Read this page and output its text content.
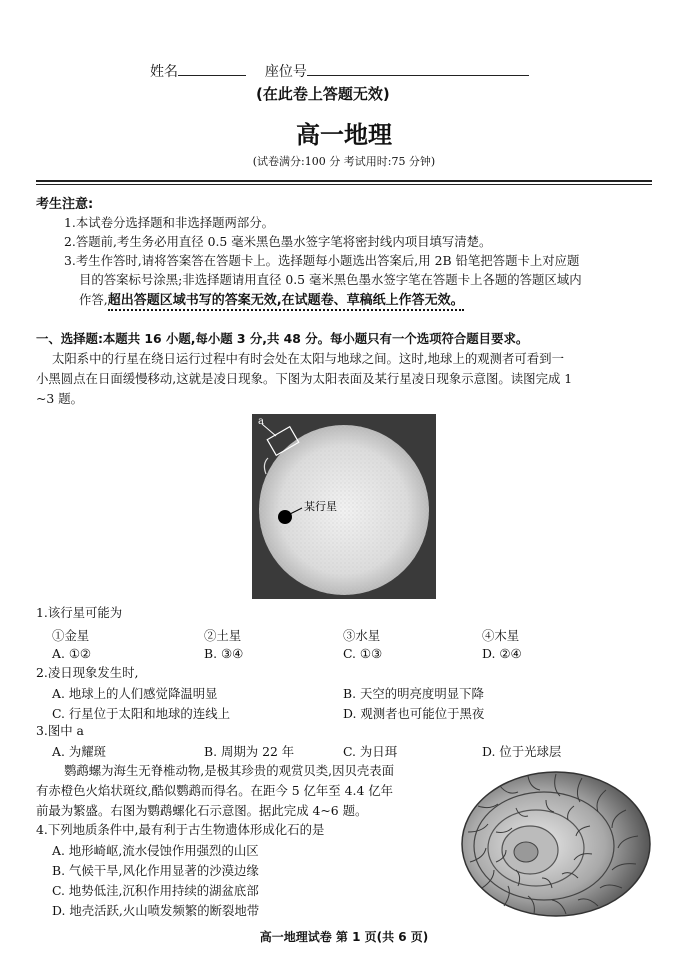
姓名	座位号
(在此卷上答题无效)
高一地理
(试卷满分:100 分 考试用时:75 分钟)
考生注意:
1.本试卷分选择题和非选择题两部分。
2.答题前,考生务必用直径 0.5 毫米黑色墨水签字笔将密封线内项目填写清楚。
3.考生作答时,请将答案答在答题卡上。选择题每小题选出答案后,用 2B 铅笔把答题卡上对应题
目的答案标号涂黑;非选择题请用直径 0.5 毫米黑色墨水签字笔在答题卡上各题的答题区域内
作答,超出答题区域书写的答案无效,在试题卷、草稿纸上作答无效。
一、选择题:本题共 16 小题,每小题 3 分,共 48 分。每小题只有一个选项符合题目要求。
太阳系中的行星在绕日运行过程中有时会处在太阳与地球之间。这时,地球上的观测者可看到一
小黑圆点在日面缓慢移动,这就是凌日现象。下图为太阳表面及某行星凌日现象示意图。读图完成 1
~3 题。
a
某行星
1.该行星可能为
①金星	②土星	③水星	④木星
A. ①②	B. ③④	C. ①③	D. ②④
2.凌日现象发生时,
A. 地球上的人们感觉降温明显	B. 天空的明亮度明显下降
C. 行星位于太阳和地球的连线上	D. 观测者也可能位于黑夜
3.图中 a
A. 为耀斑	B. 周期为 22 年	C. 为日珥	D. 位于光球层
鹦鹉螺为海生无脊椎动物,是极其珍贵的观赏贝类,因贝壳表面
有赤橙色火焰状斑纹,酷似鹦鹉而得名。在距今 5 亿年至 4.4 亿年
前最为繁盛。右图为鹦鹉螺化石示意图。据此完成 4~6 题。
4.下列地质条件中,最有利于古生物遗体形成化石的是
A. 地形崎岖,流水侵蚀作用强烈的山区
B. 气候干旱,风化作用显著的沙漠边缘
C. 地势低洼,沉积作用持续的湖盆底部
D. 地壳活跃,火山喷发频繁的断裂地带
高一地理试卷 第 1 页(共 6 页)
